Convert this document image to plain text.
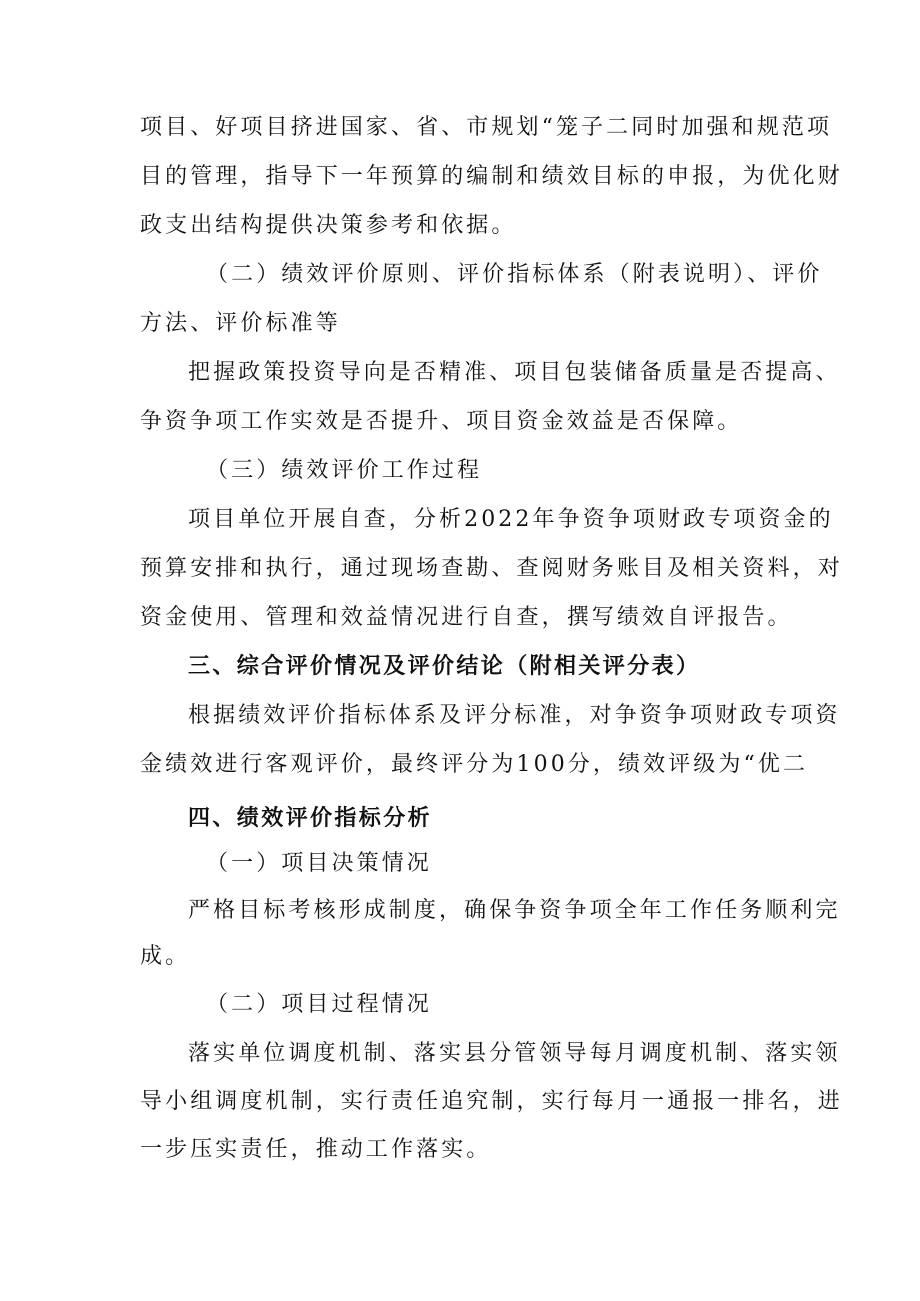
项目、好项目挤进国家、省、市规划“笼子二同时加强和规范项
目的管理，指导下一年预算的编制和绩效目标的申报，为优化财
政支出结构提供决策参考和依据。
（二）绩效评价原则、评价指标体系（附表说明）、评价
方法、评价标准等
把握政策投资导向是否精准、项目包装储备质量是否提高、
争资争项工作实效是否提升、项目资金效益是否保障。
（三）绩效评价工作过程
项目单位开展自查，分析2022年争资争项财政专项资金的
预算安排和执行，通过现场查勘、查阅财务账目及相关资料，对
资金使用、管理和效益情况进行自查，撰写绩效自评报告。
三、综合评价情况及评价结论（附相关评分表）
根据绩效评价指标体系及评分标准，对争资争项财政专项资
金绩效进行客观评价，最终评分为100分，绩效评级为“优二
四、绩效评价指标分析
（一）项目决策情况
严格目标考核形成制度，确保争资争项全年工作任务顺利完
成。
（二）项目过程情况
落实单位调度机制、落实县分管领导每月调度机制、落实领
导小组调度机制，实行责任追究制，实行每月一通报一排名，进
一步压实责任，推动工作落实。
